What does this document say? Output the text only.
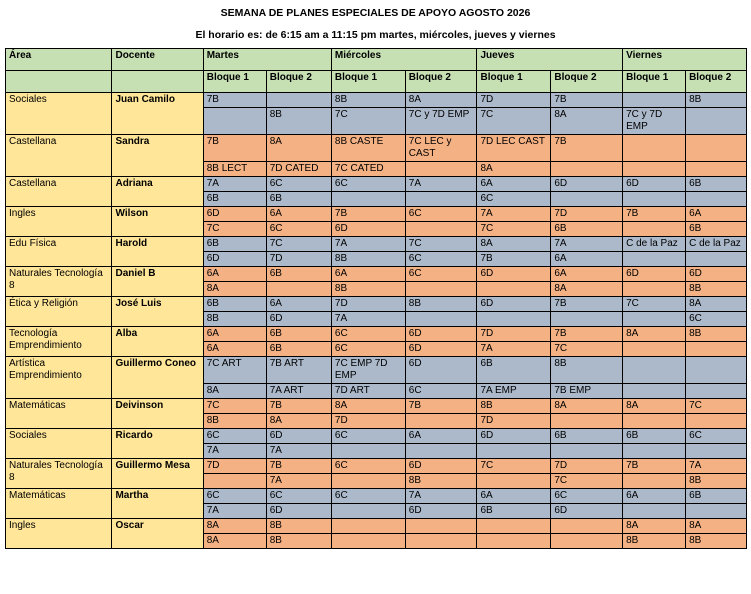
SEMANA DE PLANES ESPECIALES DE APOYO AGOSTO 2026
El horario es: de 6:15 am a 11:15 pm martes, miércoles, jueves y viernes
Área	Docente	Martes		Miércoles		Jueves		Viernes	
		Bloque 1	Bloque 2	Bloque 1	Bloque 2	Bloque 1	Bloque 2	Bloque 1	Bloque 2
Sociales	Juan Camilo	7B		8B	8A	7D	7B		8B
			8B	7C	7C y 7D EMP	7C	8A	7C y 7D EMP	
Castellana	Sandra	7B	8A	8B CASTE	7C LEC y CAST	7D LEC CAST	7B		
		8B LECT	7D CATED	7C CATED		8A			
Castellana	Adriana	7A	6C	6C	7A	6A	6D	6D	6B
		6B	6B			6C			
Ingles	Wilson	6D	6A	7B	6C	7A	7D	7B	6A
		7C	6C	6D		7C	6B		6B
Edu Física	Harold	6B	7C	7A	7C	8A	7A	C de la Paz	C de la Paz
		6D	7D	8B	6C	7B	6A		
Naturales Tecnología 8	Daniel B	6A	6B	6A	6C	6D	6A	6D	6D
		8A		8B			8A		8B
Ética y Religión	José Luis	6B	6A	7D	8B	6D	7B	7C	8A
		8B	6D	7A					6C
Tecnología Emprendimiento	Alba	6A	6B	6C	6D	7D	7B	8A	8B
		6A	6B	6C	6D	7A	7C		
Artística Emprendimiento	Guillermo Coneo	7C ART	7B ART	7C EMP 7D EMP	6D	6B	8B		
		8A	7A ART	7D ART	6C	7A EMP	7B EMP		
Matemáticas	Deivinson	7C	7B	8A	7B	8B	8A	8A	7C
		8B	8A	7D		7D			
Sociales	Ricardo	6C	6D	6C	6A	6D	6B	6B	6C
		7A	7A						
Naturales Tecnología 8	Guillermo Mesa	7D	7B	6C	6D	7C	7D	7B	7A
			7A		8B		7C		8B
Matemáticas	Martha	6C	6C	6C	7A	6A	6C	6A	6B
		7A	6D		6D	6B	6D		
Ingles	Oscar	8A	8B					8A	8A
		8A	8B					8B	8B
